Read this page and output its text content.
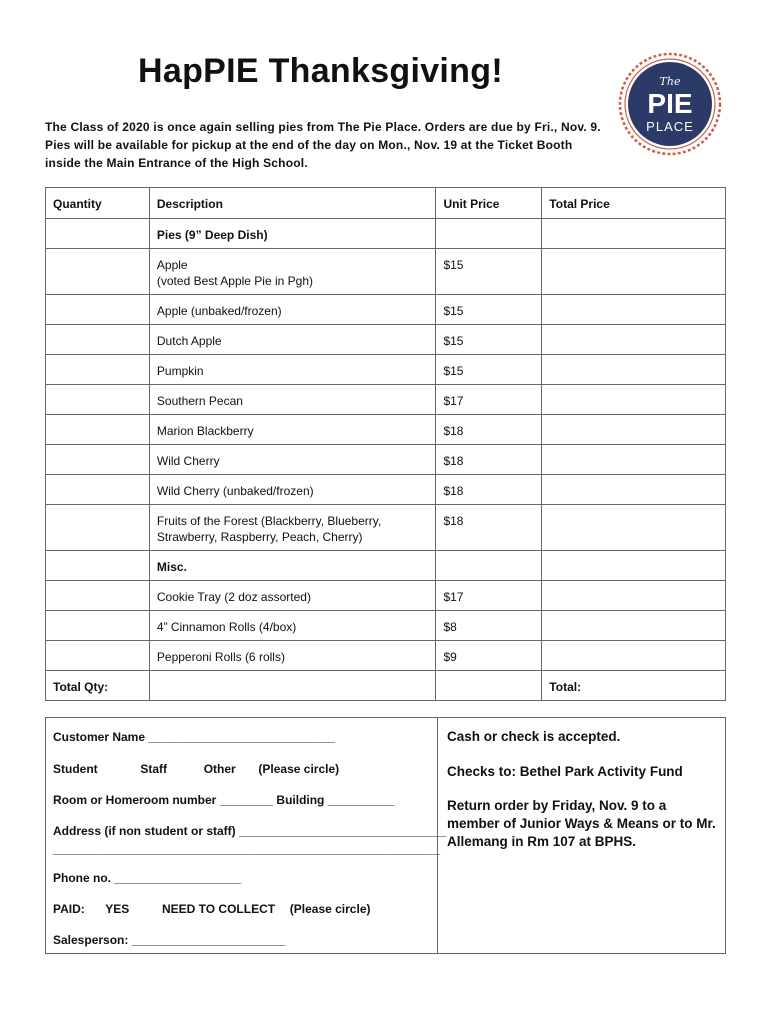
HapPIE Thanksgiving!
The Class of 2020 is once again selling pies from The Pie Place. Orders are due by Fri., Nov. 9. Pies will be available for pickup at the end of the day on Mon., Nov. 19 at the Ticket Booth inside the Main Entrance of the High School.
The
PIE
PLACE
Quantity	Description	Unit Price	Total Price
	Pies (9” Deep Dish)		
	Apple
(voted Best Apple Pie in Pgh)	$15	
	Apple (unbaked/frozen)	$15	
	Dutch Apple	$15	
	Pumpkin	$15	
	Southern Pecan	$17	
	Marion Blackberry	$18	
	Wild Cherry	$18	
	Wild Cherry (unbaked/frozen)	$18	
	Fruits of the Forest (Blackberry, Blueberry,
Strawberry, Raspberry, Peach, Cherry)	$18	
	Misc.		
	Cookie Tray (2 doz assorted)	$17	
	4” Cinnamon Rolls (4/box)	$8	
	Pepperoni Rolls (6 rolls)	$9	
Total Qty:			Total:
Customer Name ____________________________
Student	Staff	Other (Please circle)
Room or Homeroom number ________ Building __________
Address (if non student or staff) _______________________________
__________________________________________________________
Phone no. ___________________
PAID: YES	NEED TO COLLECT (Please circle)
Salesperson: _______________________
Cash or check is accepted.
Checks to: Bethel Park Activity Fund
Return order by Friday, Nov. 9 to a member of Junior Ways & Means or to Mr. Allemang in Rm 107 at BPHS.
